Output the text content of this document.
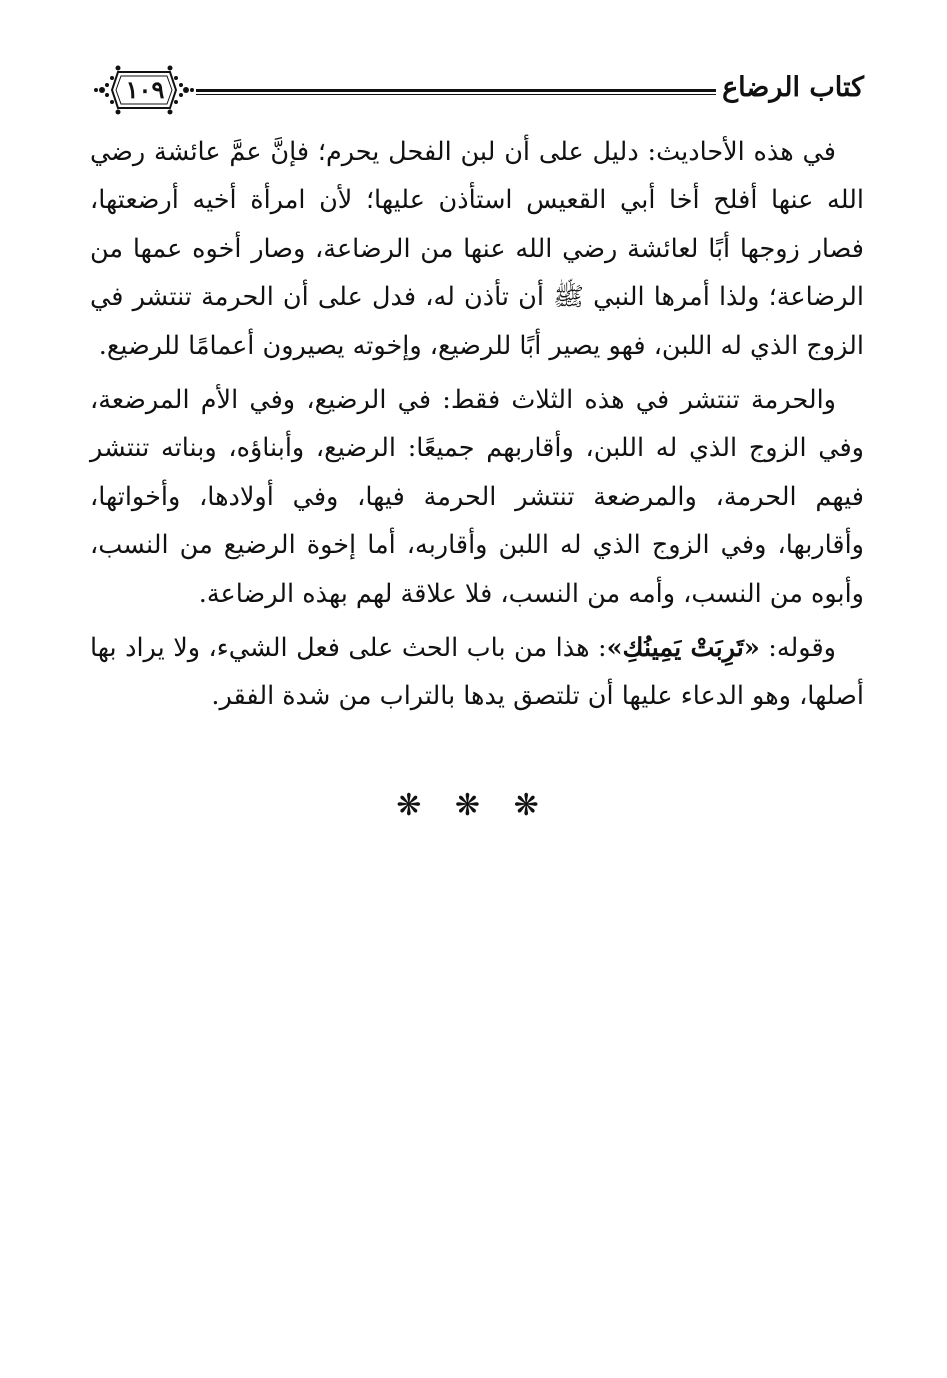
كتاب الرضاع
١٠٩

في هذه الأحاديث: دليل على أن لبن الفحل يحرم؛ فإنَّ عمَّ عائشة رضي الله عنها أفلح أخا أبي القعيس استأذن عليها؛ لأن امرأة أخيه أرضعتها، فصار زوجها أبًا لعائشة رضي الله عنها من الرضاعة، وصار أخوه عمها من الرضاعة؛ ولذا أمرها النبي ﷺ أن تأذن له، فدل على أن الحرمة تنتشر في الزوج الذي له اللبن، فهو يصير أبًا للرضيع، وإخوته يصيرون أعمامًا للرضيع.

والحرمة تنتشر في هذه الثلاث فقط: في الرضيع، وفي الأم المرضعة، وفي الزوج الذي له اللبن، وأقاربهم جميعًا: الرضيع، وأبناؤه، وبناته تنتشر فيهم الحرمة، والمرضعة تنتشر الحرمة فيها، وفي أولادها، وأخواتها، وأقاربها، وفي الزوج الذي له اللبن وأقاربه، أما إخوة الرضيع من النسب، وأبوه من النسب، وأمه من النسب، فلا علاقة لهم بهذه الرضاعة.

وقوله: «تَرِبَتْ يَمِينُكِ»: هذا من باب الحث على فعل الشيء، ولا يراد بها أصلها، وهو الدعاء عليها أن تلتصق يدها بالتراب من شدة الفقر.

❋ ❋ ❋
